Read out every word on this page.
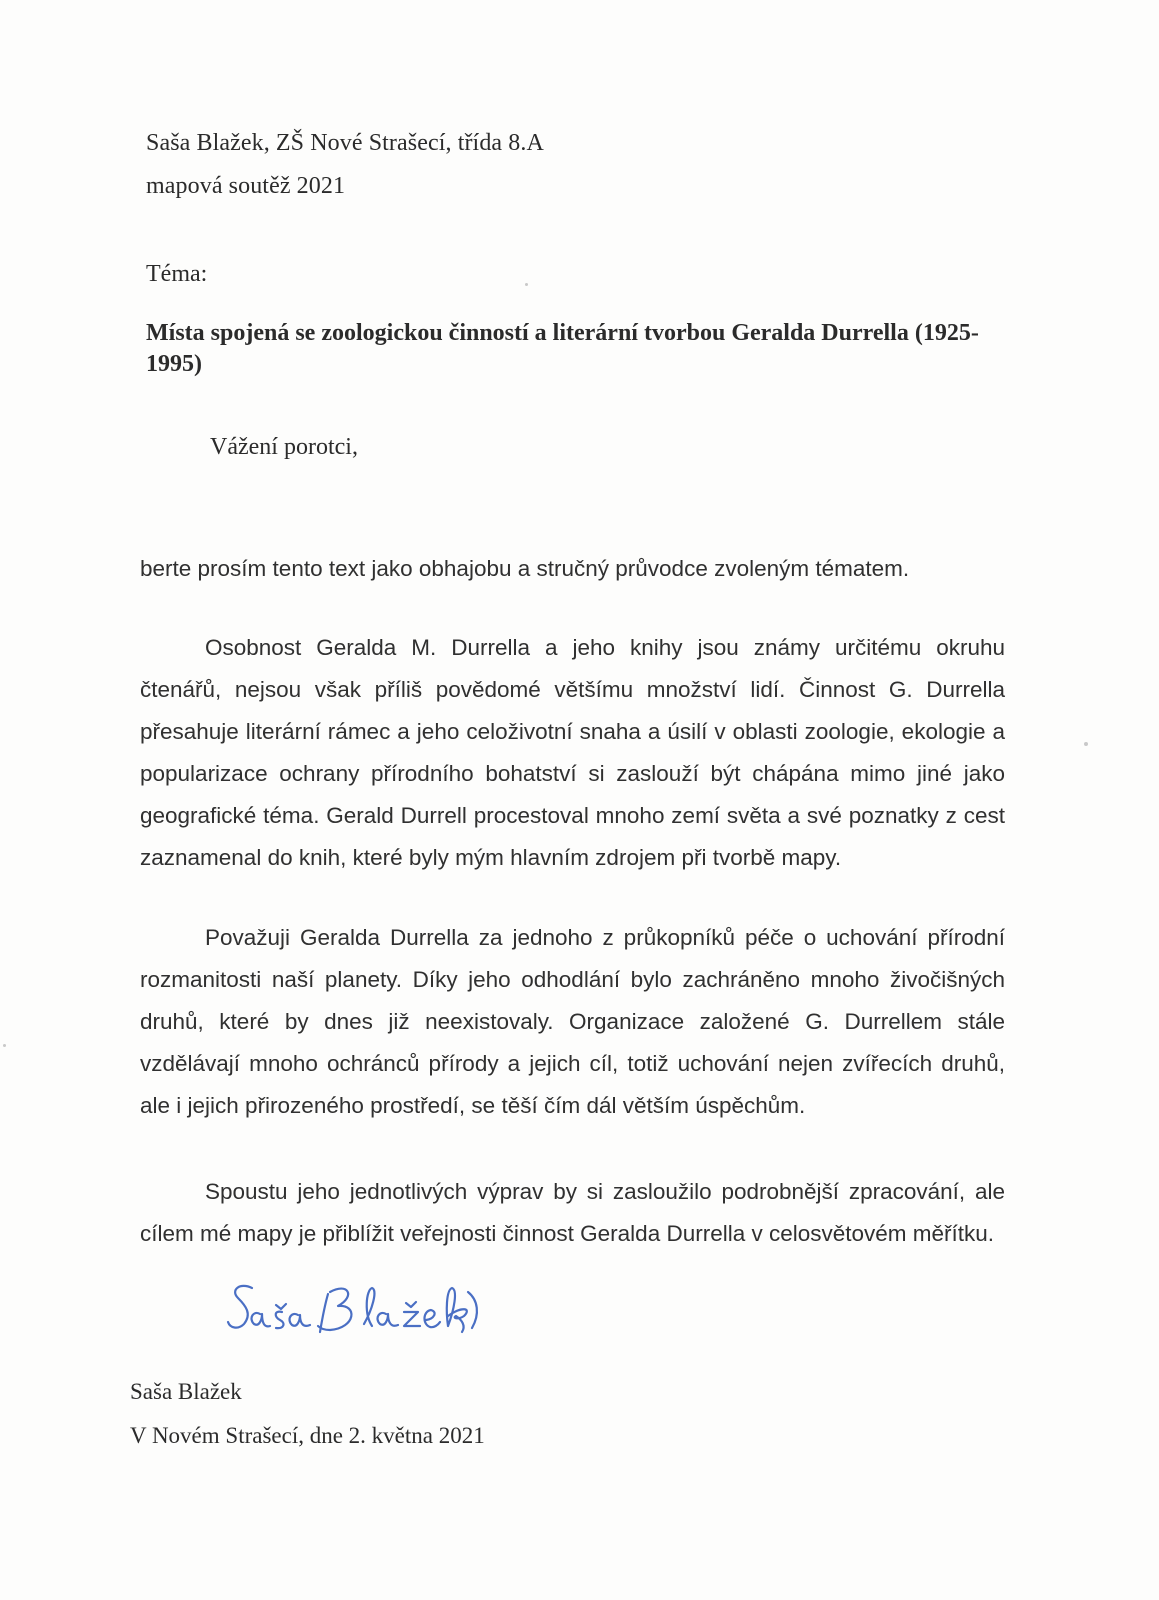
Saša Blažek, ZŠ Nové Strašecí, třída 8.A
mapová soutěž 2021
Téma:
Místa spojená se zoologickou činností a literární tvorbou Geralda Durrella (1925-1995)
Vážení porotci,

berte prosím tento text jako obhajobu a stručný průvodce zvoleným tématem.

Osobnost Geralda M. Durrella a jeho knihy jsou známy určitému okruhu čtenářů, nejsou však příliš povědomé většímu množství lidí. Činnost G. Durrella přesahuje literární rámec a jeho celoživotní snaha a úsilí v oblasti zoologie, ekologie a popularizace ochrany přírodního bohatství si zaslouží být chápána mimo jiné jako geografické téma. Gerald Durrell procestoval mnoho zemí světa a své poznatky z cest zaznamenal do knih, které byly mým hlavním zdrojem při tvorbě mapy.

Považuji Geralda Durrella za jednoho z průkopníků péče o uchování přírodní rozmanitosti naší planety. Díky jeho odhodlání bylo zachráněno mnoho živočišných druhů, které by dnes již neexistovaly. Organizace založené G. Durrellem stále vzdělávají mnoho ochránců přírody a jejich cíl, totiž uchování nejen zvířecích druhů, ale i jejich přirozeného prostředí, se těší čím dál větším úspěchům.

Spoustu jeho jednotlivých výprav by si zasloužilo podrobnější zpracování, ale cílem mé mapy je přiblížit veřejnosti činnost Geralda Durrella v celosvětovém měřítku.

Saša Blažek
V Novém Strašecí, dne 2. května 2021
